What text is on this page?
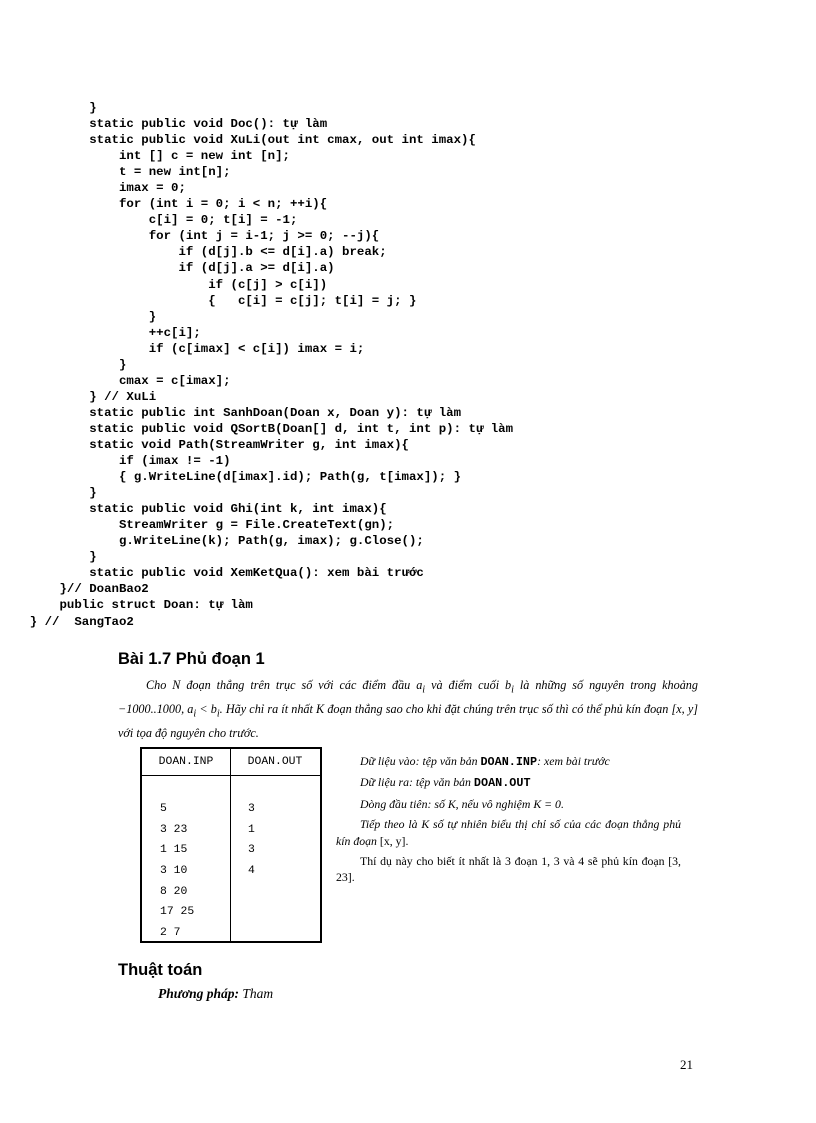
}
static public void Doc(): tự làm
static public void XuLi(out int cmax, out int imax){
int [] c = new int [n];
t = new int[n];
imax = 0;
for (int i = 0; i < n; ++i){
c[i] = 0; t[i] = -1;
for (int j = i-1; j >= 0; --j){
if (d[j].b <= d[i].a) break;
if (d[j].a >= d[i].a)
if (c[j] > c[i])
{   c[i] = c[j]; t[i] = j; }
}
++c[i];
if (c[imax] < c[i]) imax = i;
}
cmax = c[imax];
} // XuLi
static public int SanhDoan(Doan x, Doan y): tự làm
static public void QSortB(Doan[] d, int t, int p): tự làm
static void Path(StreamWriter g, int imax){
if (imax != -1)
{ g.WriteLine(d[imax].id); Path(g, t[imax]); }
}
static public void Ghi(int k, int imax){
StreamWriter g = File.CreateText(gn);
g.WriteLine(k); Path(g, imax); g.Close();
}
static public void XemKetQua(): xem bài trước
}// DoanBao2
public struct Doan: tự làm
} //  SangTao2
Bài 1.7 Phủ đoạn 1

Cho N đoạn thẳng trên trục số với các điểm đầu $a_i$ và điểm cuối $b_i$ là những số nguyên trong khoảng −1000..1000, $a_i < b_i$. Hãy chỉ ra ít nhất K đoạn thẳng sao cho khi đặt chúng trên trục số thì có thể phủ kín đoạn [x, y] với tọa độ nguyên cho trước.

DOAN.INP	DOAN.OUT
5
3 23
1 15
3 10
8 20
17 25
2 7
3
1
3
4

Dữ liệu vào: tệp văn bản DOAN.INP: xem bài trước

Dữ liệu ra: tệp văn bản DOAN.OUT

Dòng đầu tiên: số K, nếu vô nghiệm K = 0.

Tiếp theo là K số tự nhiên biểu thị chỉ số của các đoạn thẳng phủ kín đoạn [x, y].

Thí dụ này cho biết ít nhất là 3 đoạn 1, 3 và 4 sẽ phủ kín đoạn [3, 23].

Thuật toán

Phương pháp: Tham

21
